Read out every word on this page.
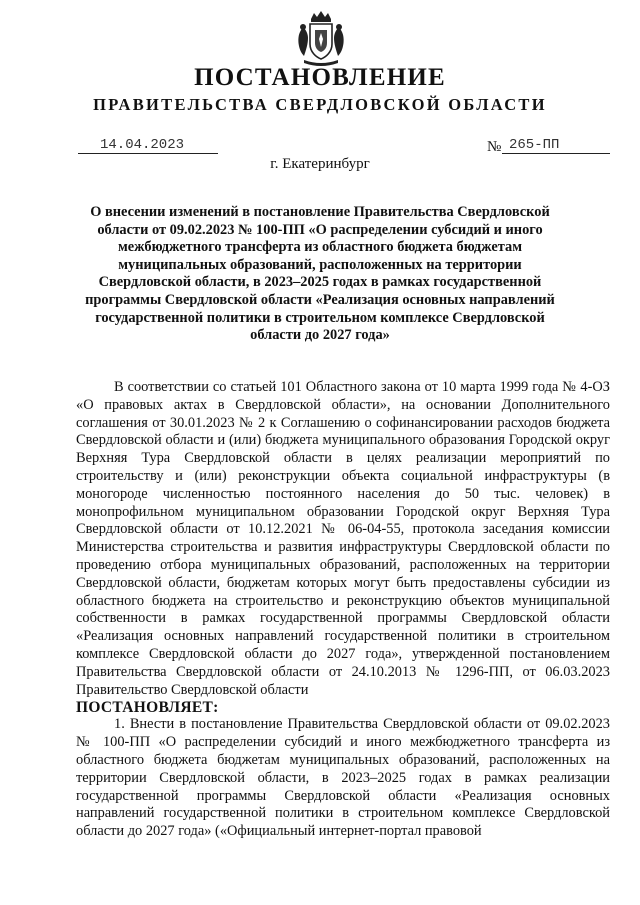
ПОСТАНОВЛЕНИЕ
ПРАВИТЕЛЬСТВА СВЕРДЛОВСКОЙ ОБЛАСТИ
14.04.2023	№ 265-ПП
г. Екатеринбург
О внесении изменений в постановление Правительства Свердловской области от 09.02.2023 № 100-ПП «О распределении субсидий и иного межбюджетного трансферта из областного бюджета бюджетам муниципальных образований, расположенных на территории Свердловской области, в 2023–2025 годах в рамках государственной программы Свердловской области «Реализация основных направлений государственной политики в строительном комплексе Свердловской области до 2027 года»

В соответствии со статьей 101 Областного закона от 10 марта 1999 года № 4-ОЗ «О правовых актах в Свердловской области», на основании Дополнительного соглашения от 30.01.2023 № 2 к Соглашению о софинансировании расходов бюджета Свердловской области и (или) бюджета муниципального образования Городской округ Верхняя Тура Свердловской области в целях реализации мероприятий по строительству и (или) реконструкции объекта социальной инфраструктуры (в моногороде численностью постоянного населения до 50 тыс. человек) в монопрофильном муниципальном образовании Городской округ Верхняя Тура Свердловской области от 10.12.2021 № 06-04-55, протокола заседания комиссии Министерства строительства и развития инфраструктуры Свердловской области по проведению отбора муниципальных образований, расположенных на территории Свердловской области, бюджетам которых могут быть предоставлены субсидии из областного бюджета на строительство и реконструкцию объектов муниципальной собственности в рамках государственной программы Свердловской области «Реализация основных направлений государственной политики в строительном комплексе Свердловской области до 2027 года», утвержденной постановлением Правительства Свердловской области от 24.10.2013 № 1296-ПП, от 06.03.2023 Правительство Свердловской области

ПОСТАНОВЛЯЕТ:

1. Внести в постановление Правительства Свердловской области от 09.02.2023 № 100-ПП «О распределении субсидий и иного межбюджетного трансферта из областного бюджета бюджетам муниципальных образований, расположенных на территории Свердловской области, в 2023–2025 годах в рамках реализации государственной программы Свердловской области «Реализация основных направлений государственной политики в строительном комплексе Свердловской области до 2027 года» («Официальный интернет-портал правовой
